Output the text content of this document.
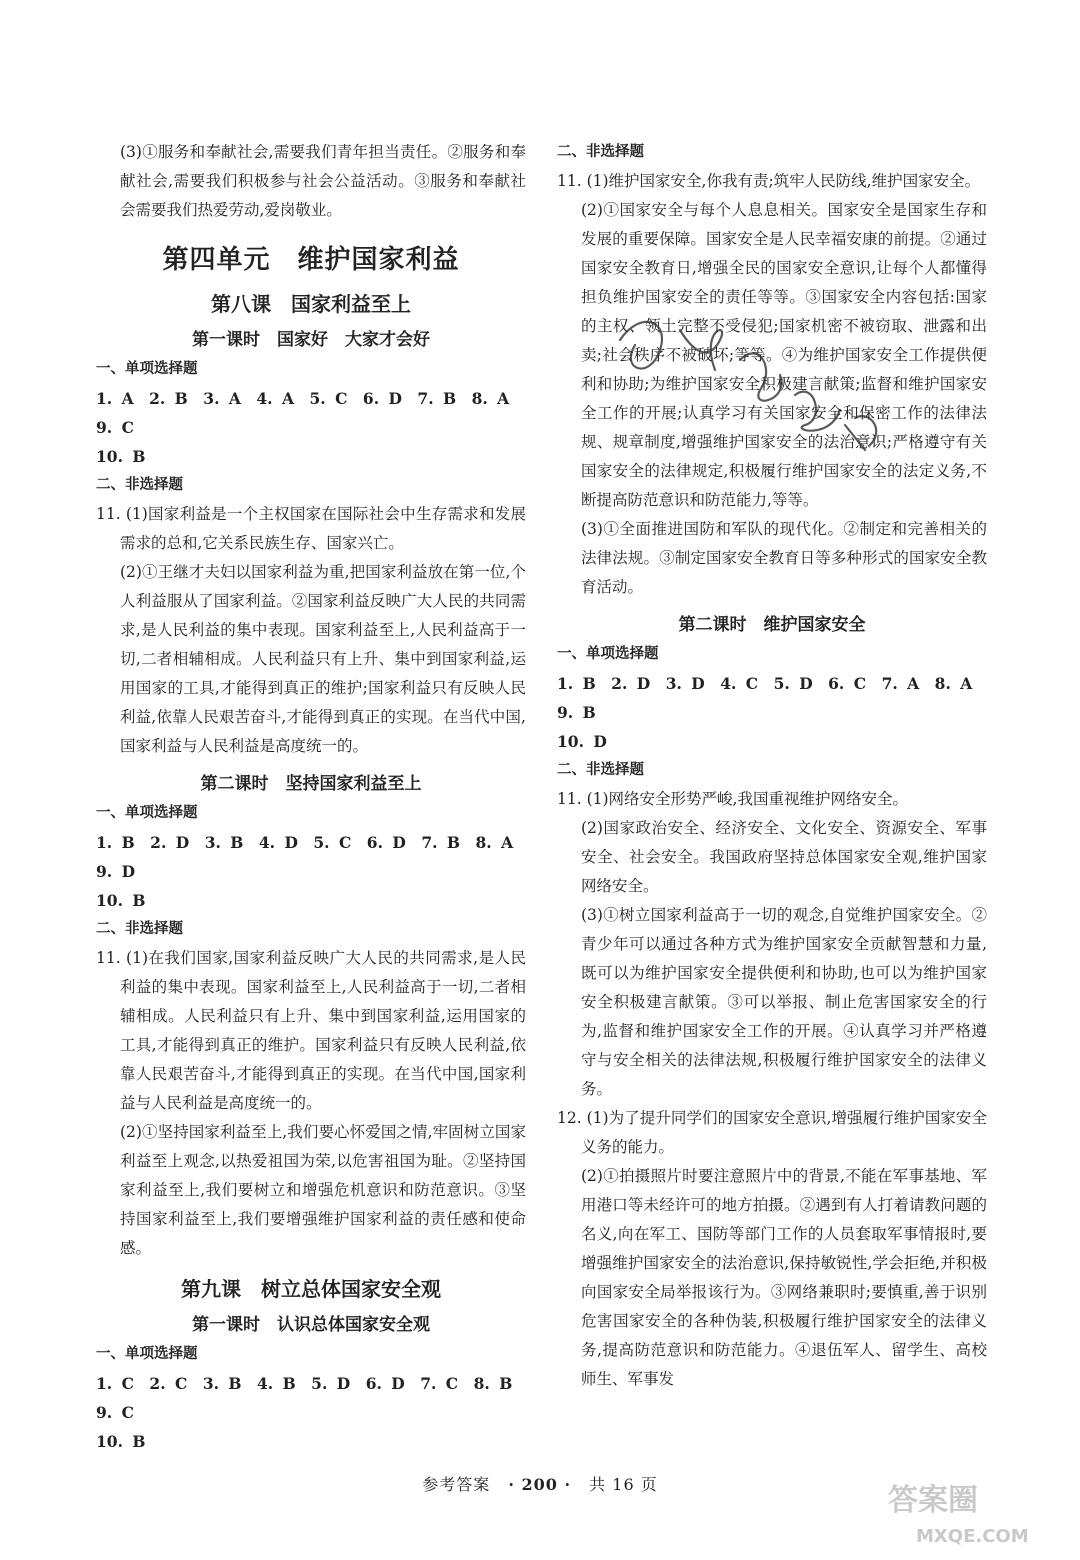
(3)①服务和奉献社会,需要我们青年担当责任。②服务和奉献社会,需要我们积极参与社会公益活动。③服务和奉献社会需要我们热爱劳动,爱岗敬业。

第四单元　维护国家利益
第八课　国家利益至上
第一课时　国家好　大家才会好
一、单项选择题

1. A　2. B　3. A　4. A　5. C　6. D　7. B　8. A　9. C

10. B

二、非选择题

11. (1)国家利益是一个主权国家在国际社会中生存需求和发展需求的总和,它关系民族生存、国家兴亡。

(2)①王继才夫妇以国家利益为重,把国家利益放在第一位,个人利益服从了国家利益。②国家利益反映广大人民的共同需求,是人民利益的集中表现。国家利益至上,人民利益高于一切,二者相辅相成。人民利益只有上升、集中到国家利益,运用国家的工具,才能得到真正的维护;国家利益只有反映人民利益,依靠人民艰苦奋斗,才能得到真正的实现。在当代中国,国家利益与人民利益是高度统一的。

第二课时　坚持国家利益至上
一、单项选择题

1. B　2. D　3. B　4. D　5. C　6. D　7. B　8. A　9. D

10. B

二、非选择题

11. (1)在我们国家,国家利益反映广大人民的共同需求,是人民利益的集中表现。国家利益至上,人民利益高于一切,二者相辅相成。人民利益只有上升、集中到国家利益,运用国家的工具,才能得到真正的维护。国家利益只有反映人民利益,依靠人民艰苦奋斗,才能得到真正的实现。在当代中国,国家利益与人民利益是高度统一的。

(2)①坚持国家利益至上,我们要心怀爱国之情,牢固树立国家利益至上观念,以热爱祖国为荣,以危害祖国为耻。②坚持国家利益至上,我们要树立和增强危机意识和防范意识。③坚持国家利益至上,我们要增强维护国家利益的责任感和使命感。

第九课　树立总体国家安全观
第一课时　认识总体国家安全观
一、单项选择题

1. C　2. C　3. B　4. B　5. D　6. D　7. C　8. B　9. C

10. B

二、非选择题

11. (1)维护国家安全,你我有责;筑牢人民防线,维护国家安全。

(2)①国家安全与每个人息息相关。国家安全是国家生存和发展的重要保障。国家安全是人民幸福安康的前提。②通过国家安全教育日,增强全民的国家安全意识,让每个人都懂得担负维护国家安全的责任等等。③国家安全内容包括:国家的主权、领土完整不受侵犯;国家机密不被窃取、泄露和出卖;社会秩序不被破坏;等等。④为维护国家安全工作提供便利和协助;为维护国家安全积极建言献策;监督和维护国家安全工作的开展;认真学习有关国家安全和保密工作的法律法规、规章制度,增强维护国家安全的法治意识;严格遵守有关国家安全的法律规定,积极履行维护国家安全的法定义务,不断提高防范意识和防范能力,等等。

(3)①全面推进国防和军队的现代化。②制定和完善相关的法律法规。③制定国家安全教育日等多种形式的国家安全教育活动。

第二课时　维护国家安全
一、单项选择题

1. B　2. D　3. D　4. C　5. D　6. C　7. A　8. A　9. B

10. D

二、非选择题

11. (1)网络安全形势严峻,我国重视维护网络安全。

(2)国家政治安全、经济安全、文化安全、资源安全、军事安全、社会安全。我国政府坚持总体国家安全观,维护国家网络安全。

(3)①树立国家利益高于一切的观念,自觉维护国家安全。②青少年可以通过各种方式为维护国家安全贡献智慧和力量,既可以为维护国家安全提供便利和协助,也可以为维护国家安全积极建言献策。③可以举报、制止危害国家安全的行为,监督和维护国家安全工作的开展。④认真学习并严格遵守与安全相关的法律法规,积极履行维护国家安全的法律义务。

12. (1)为了提升同学们的国家安全意识,增强履行维护国家安全义务的能力。

(2)①拍摄照片时要注意照片中的背景,不能在军事基地、军用港口等未经许可的地方拍摄。②遇到有人打着请教问题的名义,向在军工、国防等部门工作的人员套取军事情报时,要增强维护国家安全的法治意识,保持敏锐性,学会拒绝,并积极向国家安全局举报该行为。③网络兼职时;要慎重,善于识别危害国家安全的各种伪装,积极履行维护国家安全的法律义务,提高防范意识和防范能力。④退伍军人、留学生、高校师生、军事发

参考答案 · 200 · 共 16 页	答案圈
MXQE.COM
